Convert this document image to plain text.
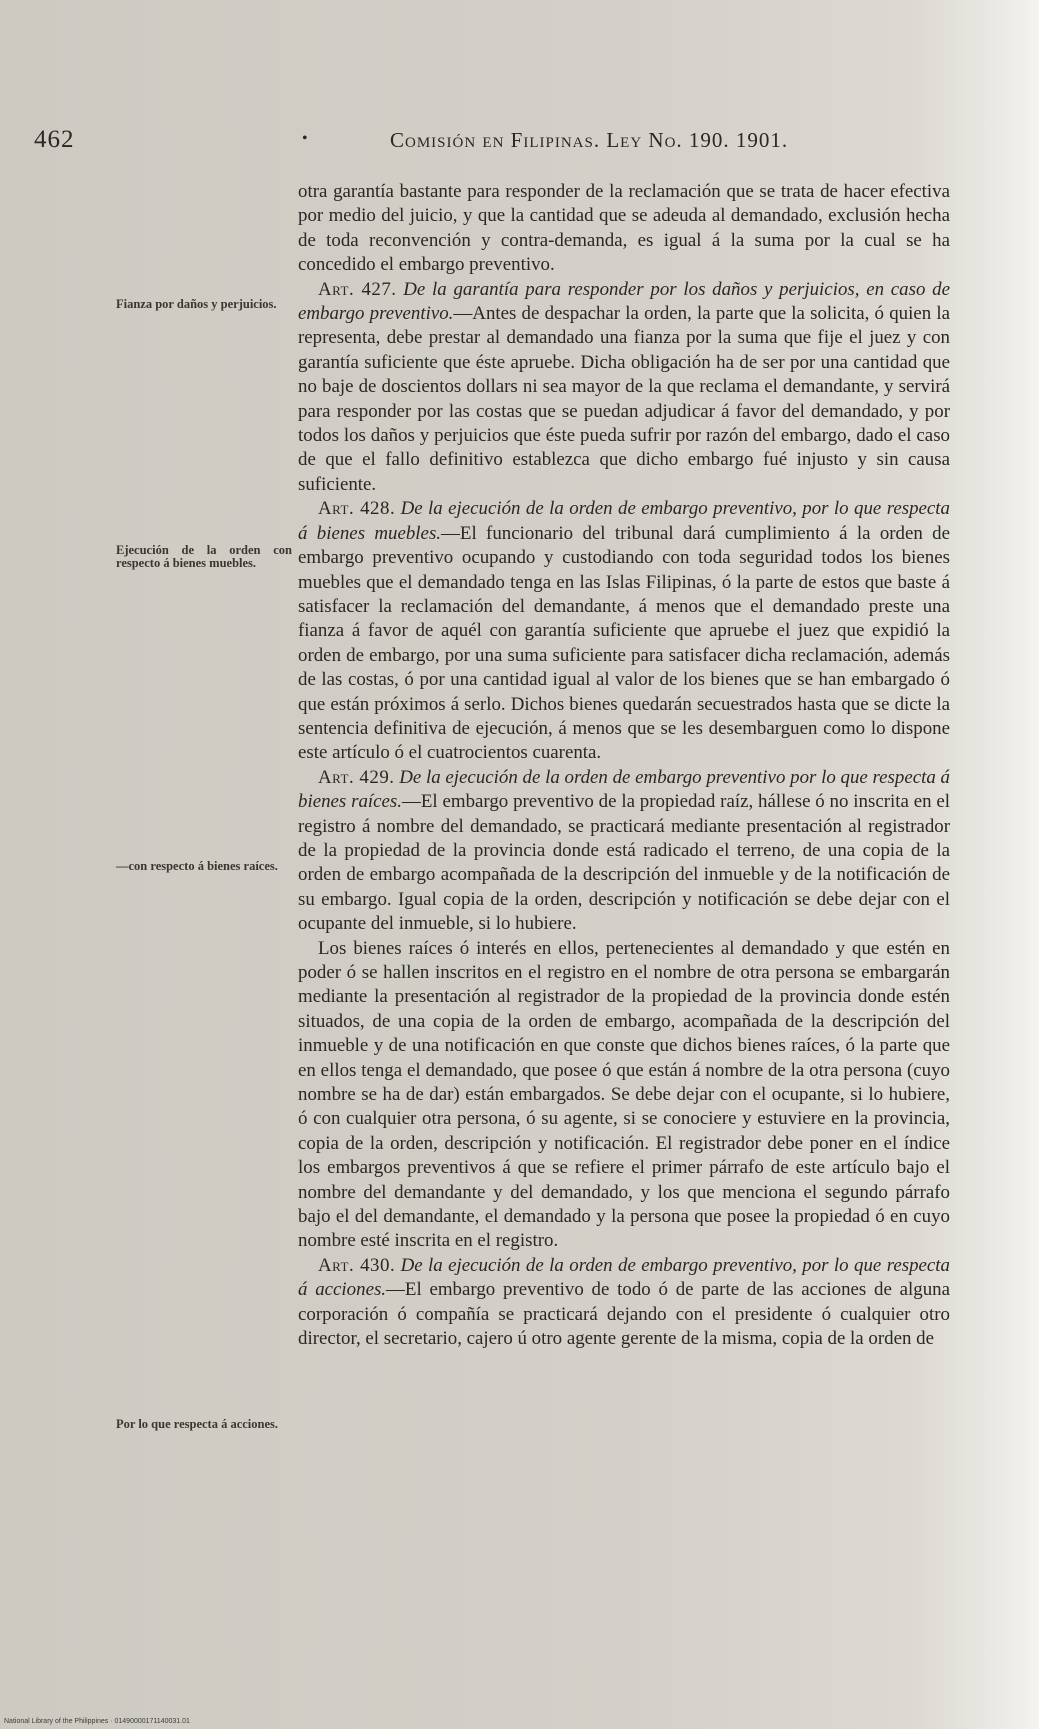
462	•	Comisión en Filipinas. Ley No. 190. 1901.
Fianza por daños y perjuicios.
Ejecución de la orden con respecto á bienes muebles.
—con respecto á bienes raíces.
Por lo que respecta á acciones.

otra garantía bastante para responder de la reclamación que se trata de hacer efectiva por medio del juicio, y que la cantidad que se adeuda al demandado, exclusión hecha de toda reconvención y contra-demanda, es igual á la suma por la cual se ha concedido el embargo preventivo.

Art. 427. De la garantía para responder por los daños y perjuicios, en caso de embargo preventivo.—Antes de despachar la orden, la parte que la solicita, ó quien la representa, debe prestar al demandado una fianza por la suma que fije el juez y con garantía suficiente que éste apruebe. Dicha obligación ha de ser por una cantidad que no baje de doscientos dollars ni sea mayor de la que reclama el demandante, y servirá para responder por las costas que se puedan adjudicar á favor del demandado, y por todos los daños y perjuicios que éste pueda sufrir por razón del embargo, dado el caso de que el fallo definitivo establezca que dicho embargo fué injusto y sin causa suficiente.

Art. 428. De la ejecución de la orden de embargo preventivo, por lo que respecta á bienes muebles.—El funcionario del tribunal dará cumplimiento á la orden de embargo preventivo ocupando y custodiando con toda seguridad todos los bienes muebles que el demandado tenga en las Islas Filipinas, ó la parte de estos que baste á satisfacer la reclamación del demandante, á menos que el demandado preste una fianza á favor de aquél con garantía suficiente que apruebe el juez que expidió la orden de embargo, por una suma suficiente para satisfacer dicha reclamación, además de las costas, ó por una cantidad igual al valor de los bienes que se han embargado ó que están próximos á serlo. Dichos bienes quedarán secuestrados hasta que se dicte la sentencia definitiva de ejecución, á menos que se les desembarguen como lo dispone este artículo ó el cuatrocientos cuarenta.

Art. 429. De la ejecución de la orden de embargo preventivo por lo que respecta á bienes raíces.—El embargo preventivo de la propiedad raíz, hállese ó no inscrita en el registro á nombre del demandado, se practicará mediante presentación al registrador de la propiedad de la provincia donde está radicado el terreno, de una copia de la orden de embargo acompañada de la descripción del inmueble y de la notificación de su embargo. Igual copia de la orden, descripción y notificación se debe dejar con el ocupante del inmueble, si lo hubiere.

Los bienes raíces ó interés en ellos, pertenecientes al demandado y que estén en poder ó se hallen inscritos en el registro en el nombre de otra persona se embargarán mediante la presentación al registrador de la propiedad de la provincia donde estén situados, de una copia de la orden de embargo, acompañada de la descripción del inmueble y de una notificación en que conste que dichos bienes raíces, ó la parte que en ellos tenga el demandado, que posee ó que están á nombre de la otra persona (cuyo nombre se ha de dar) están embargados. Se debe dejar con el ocupante, si lo hubiere, ó con cualquier otra persona, ó su agente, si se conociere y estuviere en la provincia, copia de la orden, descripción y notificación. El registrador debe poner en el índice los embargos preventivos á que se refiere el primer párrafo de este artículo bajo el nombre del demandante y del demandado, y los que menciona el segundo párrafo bajo el del demandante, el demandado y la persona que posee la propiedad ó en cuyo nombre esté inscrita en el registro.

Art. 430. De la ejecución de la orden de embargo preventivo, por lo que respecta á acciones.—El embargo preventivo de todo ó de parte de las acciones de alguna corporación ó compañía se practicará dejando con el presidente ó cualquier otro director, el secretario, cajero ú otro agente gerente de la misma, copia de la orden de

National Library of the Philippines · 01490000171140031.01
